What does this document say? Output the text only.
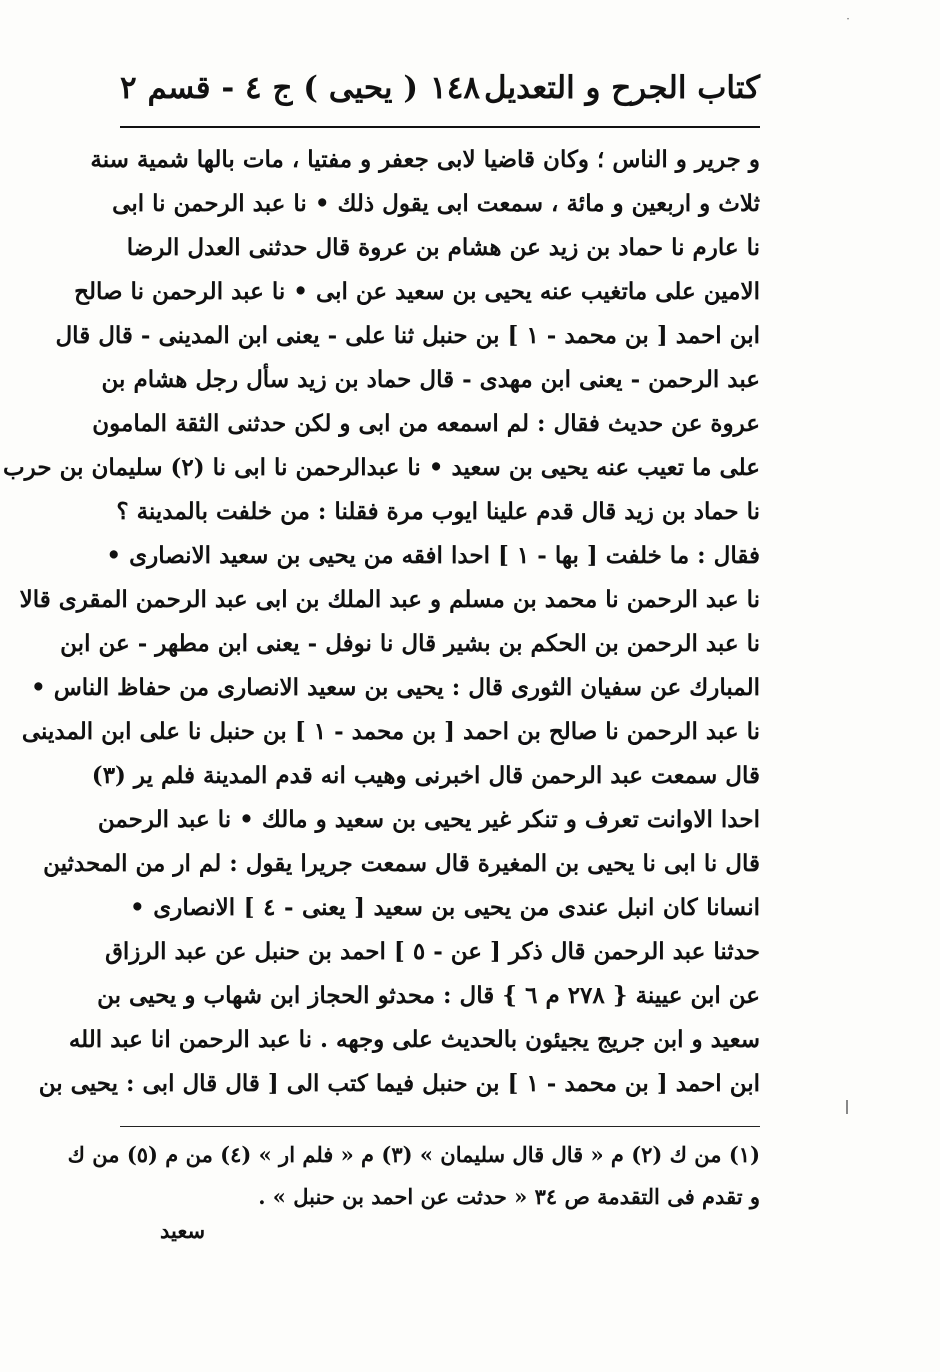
·
كتاب الجرح و التعديل
١٤٨
( يحيى ) ج ٤ - قسم ٢
و جرير و الناس ؛ وكان قاضيا لابى جعفر و مفتيا ، مات بالها شمية سنة
ثلاث و اربعين و مائة ، سمعت ابى يقول ذلك • نا عبد الرحمن نا ابى
نا عارم نا حماد بن زيد عن هشام بن عروة قال حدثنى العدل الرضا
الامين على ماتغيب عنه يحيى بن سعيد عن ابى • نا عبد الرحمن نا صالح
ابن احمد [ بن محمد - ١ ] بن حنبل ثنا على - يعنى ابن المدينى - قال قال
عبد الرحمن - يعنى ابن مهدى - قال حماد بن زيد سأل رجل هشام بن
عروة عن حديث فقال : لم اسمعه من ابى و لكن حدثنى الثقة المامون
على ما تعيب عنه يحيى بن سعيد • نا عبدالرحمن نا ابى نا (٢) سليمان بن حرب
نا حماد بن زيد قال قدم علينا ايوب مرة فقلنا : من خلفت بالمدينة ؟
فقال : ما خلفت [ بها - ١ ] احدا افقه من يحيى بن سعيد الانصارى •
نا عبد الرحمن نا محمد بن مسلم و عبد الملك بن ابى عبد الرحمن المقرى قالا
نا عبد الرحمن بن الحكم بن بشير قال نا نوفل - يعنى ابن مطهر - عن ابن
المبارك عن سفيان الثورى قال : يحيى بن سعيد الانصارى من حفاظ الناس •
نا عبد الرحمن نا صالح بن احمد [ بن محمد - ١ ] بن حنبل نا على ابن المدينى
قال سمعت عبد الرحمن قال اخبرنى وهيب انه قدم المدينة فلم ير (٣)
احدا الاوانت تعرف و تنكر غير يحيى بن سعيد و مالك • نا عبد الرحمن
قال نا ابى نا يحيى بن المغيرة قال سمعت جريرا يقول : لم ار من المحدثين
انسانا كان انبل عندى من يحيى بن سعيد [ يعنى - ٤ ] الانصارى •
حدثنا عبد الرحمن قال ذكر [ عن - ٥ ] احمد بن حنبل عن عبد الرزاق
عن ابن عيينة { ٢٧٨ م ٦ } قال : محدثو الحجاز ابن شهاب و يحيى بن
سعيد و ابن جريج يجيئون بالحديث على وجهه . نا عبد الرحمن انا عبد الله
ابن احمد [ بن محمد - ١ ] بن حنبل فيما كتب الى [ قال قال ابى : يحيى بن
(١) من ك (٢) م « قال قال سليمان » (٣) م « فلم ار » (٤) من م (٥) من ك
و تقدم فى التقدمة ص ٣٤ « حدثت عن احمد بن حنبل » .
سعيد
